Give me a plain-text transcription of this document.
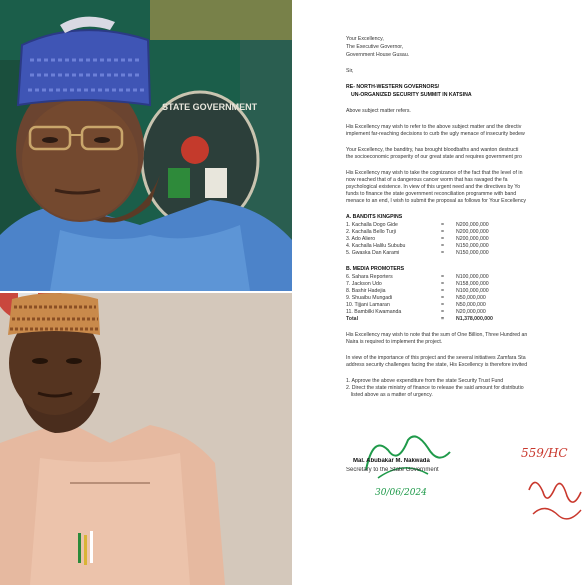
STATE GOVERNMENT
Your Excellency,
The Executive Governor,
Government House Gusau.
Sir,
RE- NORTH-WESTERN GOVERNORS/
UN-ORGANIZED SECURITY SUMMIT IN KATSINA
Above subject matter refers.
His Excellency may wish to refer to the above subject matter and the directiv
implement far-reaching decisions to curb the ugly menace of insecurity bedew
Your Excellency, the banditry, has brought bloodbaths and wanton destructi
the socioeconomic prosperity of our great state and requires government pro
His Excellency may wish to take the cognizance of the fact that the level of in
now reached that of a dangerous cancer worm that has ravaged the fa
psychological existence. In view of this urgent need and the directives by Yo
funds to finance the state government reconciliation programme with band
menace to an end, I wish to submit the proposal as follows for Your Excellency
A. BANDITS KINGPINS
1. Kachalla Dogo Gide	= N200,000,000
2. Kachalla Bello Turji	= N200,000,000
3. Ado Aliero	= N200,000,000
4. Kachalla Halilu Sububu	= N150,000,000
5. Gwaska Dan Karami	= N150,000,000
B. MEDIA PROMOTERS
6. Sahara Reporters	= N100,000,000
7. Jackson Udo	= N158,000,000
8. Bashir Hadejia	= N100,000,000
9. Shuaibu Mungadi	= N50,000,000
10. Tijjani Lamaran	= N50,000,000
11. Bambilki Kwamanda	= N20,000,000
Total	= N1,378,000,000
His Excellency may wish to note that the sum of One Billion, Three Hundred an
Naira is required to implement the project.
In view of the importance of this project and the several initiatives Zamfara Sta
address security challenges facing the state, His Excellency is therefore invited
1. Approve the above expenditure from the state Security Trust Fund
2. Direct the state ministry of finance to release the said amount for distributio
listed above as a matter of urgency.
Mal. Abubakar M. Nakwada
Secretary to the State Government
30/06/2024
559/HC
